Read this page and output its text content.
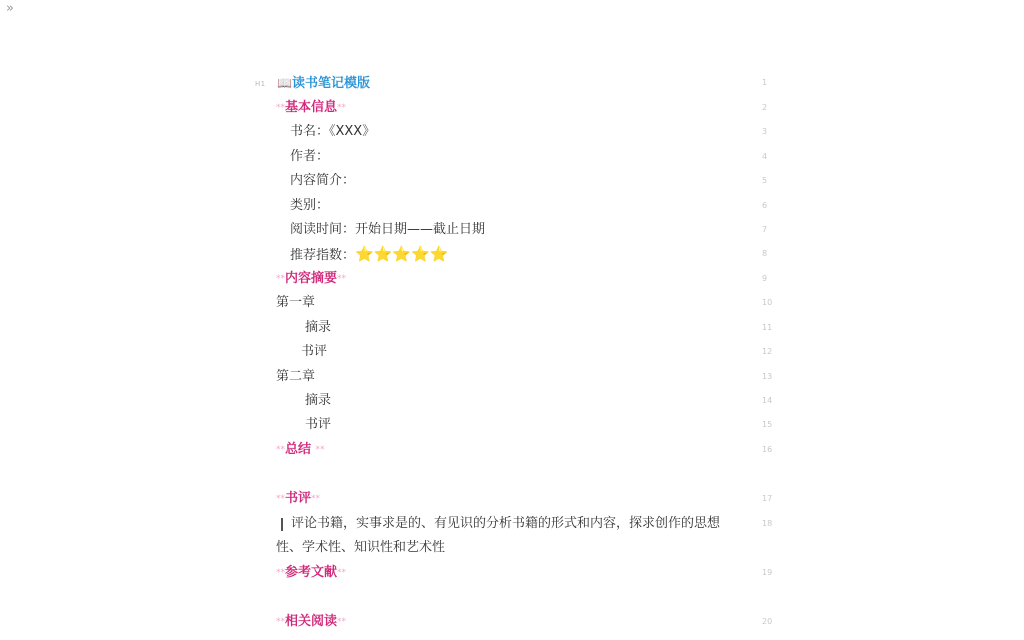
»
H1 📖读书笔记模版	1
**基本信息**	2
书名：《XXX》	3
作者：	4
内容简介：	5
类别：	6
阅读时间：开始日期——截止日期	7
推荐指数：⭐⭐⭐⭐⭐	8
**内容摘要**	9
第一章	10
摘录	11
书评	12
第二章	13
摘录	14
书评	15
**总结 **	16
**书评**	17
评论书籍，实事求是的、有见识的分析书籍的形式和内容，探求创作的思想	18
性、学术性、知识性和艺术性
**参考文献**	19
**相关阅读**	20
